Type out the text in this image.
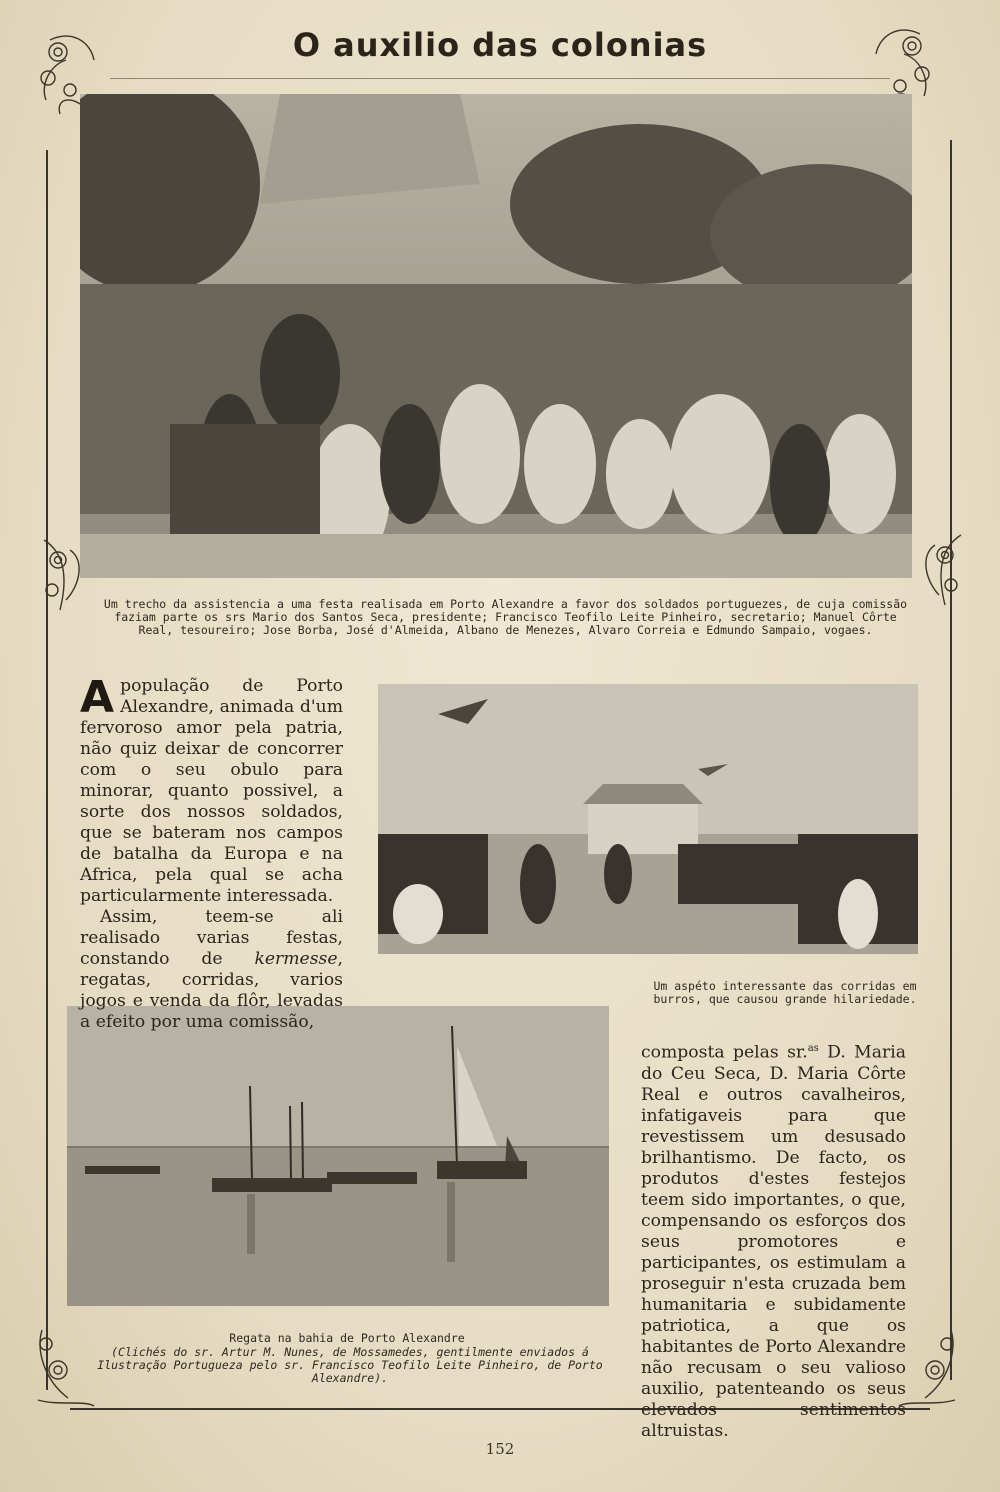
O auxilio das colonias
Um trecho da assistencia a uma festa realisada em Porto Alexandre a favor dos soldados portuguezes, de cuja comissão faziam parte os srs Mario dos Santos Seca, presidente; Francisco Teofilo Leite Pinheiro, secretario; Manuel Côrte Real, tesoureiro; Jose Borba, José d'Almeida, Albano de Menezes, Alvaro Correia e Edmundo Sampaio, vogaes.
Um aspéto interessante das corridas em burros, que causou grande hilariedade.
Regata na bahia de Porto Alexandre
(Clichés do sr. Artur M. Nunes, de Mossamedes, gentilmente enviados á Ilustração Portugueza pelo sr. Francisco Teofilo Leite Pinheiro, de Porto Alexandre).

Apopulação de Porto Alexandre, animada d'um fervoroso amor pela patria, não quiz deixar de concorrer com o seu obulo para minorar, quanto possivel, a sorte dos nossos soldados, que se bateram nos campos de batalha da Europa e na Africa, pela qual se acha particularmente interessada.

Assim, teem-se ali realisado varias festas, constando de kermesse, regatas, corridas, varios jogos e venda da flôr, levadas a efeito por uma comissão,

composta pelas sr.$^{as}$ D. Maria do Ceu Seca, D. Maria Côrte Real e outros cavalheiros, infatigaveis para que revestissem um desusado brilhantismo. De facto, os produtos d'estes festejos teem sido importantes, o que, compensando os esforços dos seus promotores e participantes, os estimulam a proseguir n'esta cruzada bem humanitaria e subidamente patriotica, a que os habitantes de Porto Alexandre não recusam o seu valioso auxilio, patenteando os seus elevados sentimentos altruistas.

152
